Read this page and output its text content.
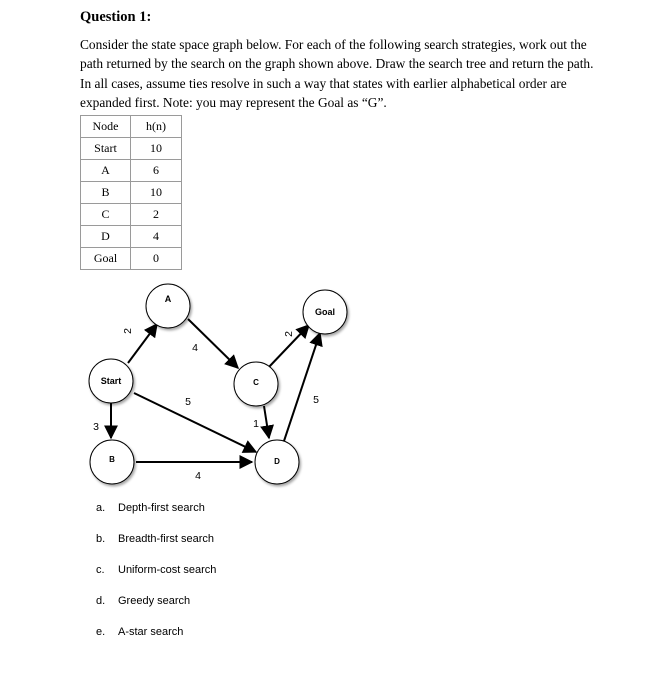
Question 1:

Consider the state space graph below. For each of the following search strategies, work out the path returned by the search on the graph shown above. Draw the search tree and return the path. In all cases, assume ties resolve in such a way that states with earlier alphabetical order are expanded first. Note: you may represent the Goal as “G”.

Node	h(n)
Start	10
A	6
B	10
C	2
D	4
Goal	0
2
3
5
4
4
1
2
5
A
Start
B
C
D
Goal
a. Depth-first search
b. Breadth-first search
c. Uniform-cost search
d. Greedy search
e. A-star search
